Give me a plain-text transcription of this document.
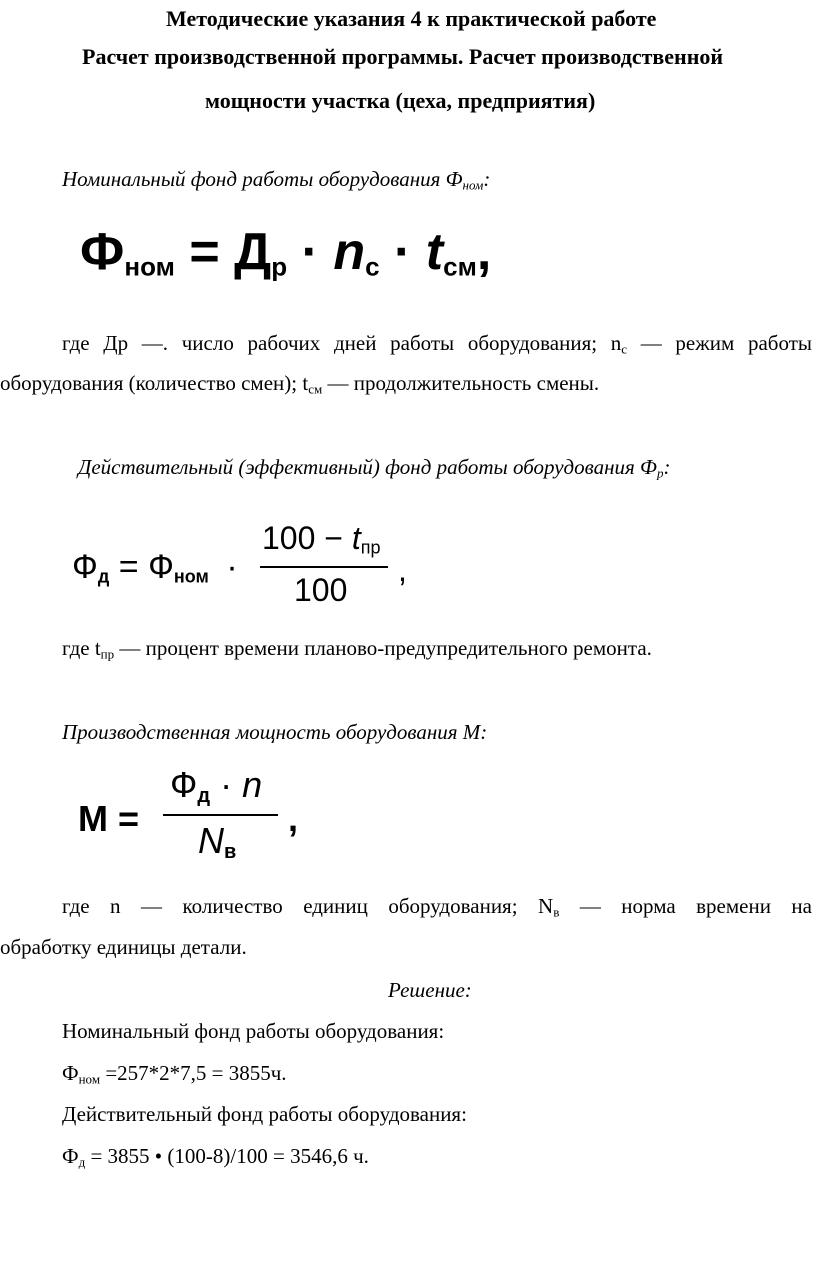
Методические указания 4 к практической работе
Расчет производственной программы. Расчет производственной
мощности участка (цеха, предприятия)
Номинальный фонд работы оборудования $Ф_{ном}$:
$Ф_{ном} = Д_р \cdot n_с \cdot t_{см}$,
где Др —. число рабочих дней работы оборудования; $n_с$ — режим работы
оборудования (количество смен); $t_{см}$ — продолжительность смены.
Действительный (эффективный) фонд работы оборудования $Ф_р$:
$Ф_д = Ф_{ном}$ ·
$100 - t_{пр}$
100
,
где $t_{пр}$ — процент времени планово-предупредительного ремонта.
Производственная мощность оборудования М:
М =
$Ф_д \cdot n$
$N_в$
,
где n — количество единиц оборудования; $N_в$ — норма времени на
обработку единицы детали.
Решение:
Номинальный фонд работы оборудования:
$Ф_{ном} =257*2*7,5 = 3855ч$.
Действительный фонд работы оборудования:
$Ф_д = 3855$ • (100-8)/100 = 3546,6 ч.
